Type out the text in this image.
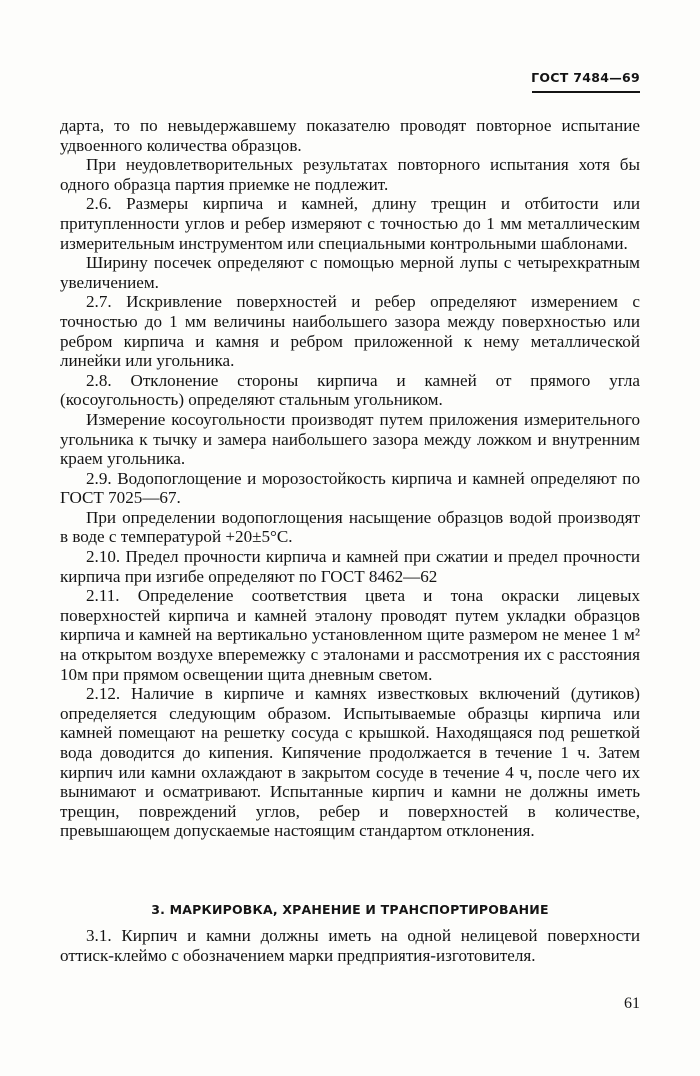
ГОСТ 7484—69

дарта, то по невыдержавшему показателю проводят повторное испытание удвоенного количества образцов.

При неудовлетворительных результатах повторного испытания хотя бы одного образца партия приемке не подлежит.

2.6. Размеры кирпича и камней, длину трещин и отбитости или притупленности углов и ребер измеряют с точностью до 1 мм металлическим измерительным инструментом или специальными контрольными шаблонами.

Ширину посечек определяют с помощью мерной лупы с четырехкратным увеличением.

2.7. Искривление поверхностей и ребер определяют измерением с точностью до 1 мм величины наибольшего зазора между поверхностью или ребром кирпича и камня и ребром приложенной к нему металлической линейки или угольника.

2.8. Отклонение стороны кирпича и камней от прямого угла (косоугольность) определяют стальным угольником.

Измерение косоугольности производят путем приложения измерительного угольника к тычку и замера наибольшего зазора между ложком и внутренним краем угольника.

2.9. Водопоглощение и морозостойкость кирпича и камней определяют по ГОСТ 7025—67.

При определении водопоглощения насыщение образцов водой производят в воде с температурой +20±5°С.

2.10. Предел прочности кирпича и камней при сжатии и предел прочности кирпича при изгибе определяют по ГОСТ 8462—62

2.11. Определение соответствия цвета и тона окраски лицевых поверхностей кирпича и камней эталону проводят путем укладки образцов кирпича и камней на вертикально установленном щите размером не менее 1 м² на открытом воздухе вперемежку с эталонами и рассмотрения их с расстояния 10м при прямом освещении щита дневным светом.

2.12. Наличие в кирпиче и камнях известковых включений (дутиков) определяется следующим образом. Испытываемые образцы кирпича или камней помещают на решетку сосуда с крышкой. Находящаяся под решеткой вода доводится до кипения. Кипячение продолжается в течение 1 ч. Затем кирпич или камни охлаждают в закрытом сосуде в течение 4 ч, после чего их вынимают и осматривают. Испытанные кирпич и камни не должны иметь трещин, повреждений углов, ребер и поверхностей в количестве, превышающем допускаемые настоящим стандартом отклонения.

3. МАРКИРОВКА, ХРАНЕНИЕ И ТРАНСПОРТИРОВАНИЕ

3.1. Кирпич и камни должны иметь на одной нелицевой поверхности оттиск-клеймо с обозначением марки предприятия-изготовителя.

61
